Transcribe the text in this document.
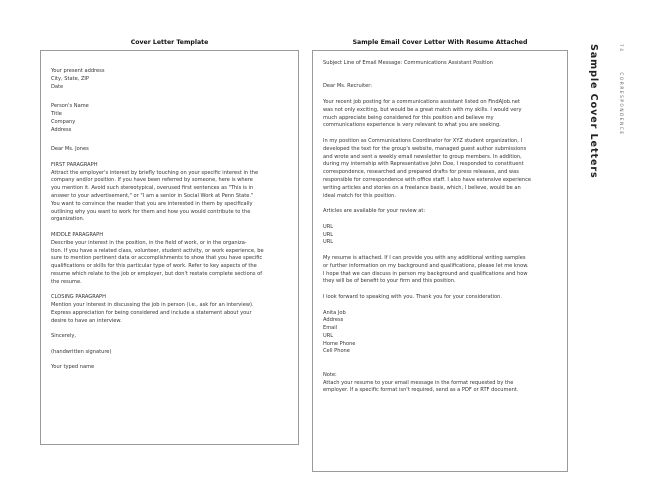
Cover Letter Template
Your present address
City, State, ZIP
Date
Person's Name
Title
Company
Address
Dear Ms. Jones
FIRST PARAGRAPH
Attract the employer's interest by briefly touching on your specific interest in the
company and/or position. If you have been referred by someone, here is where
you mention it. Avoid such stereotypical, overused first sentences as "This is in
answer to your advertisement," or "I am a senior in Social Work at Penn State."
You want to convince the reader that you are interested in them by specifically
outlining why you want to work for them and how you would contribute to the
organization.
MIDDLE PARAGRAPH
Describe your interest in the position, in the field of work, or in the organiza-
tion. If you have a related class, volunteer, student activity, or work experience, be
sure to mention pertinent data or accomplishments to show that you have specific
qualifications or skills for this particular type of work. Refer to key aspects of the
resume which relate to the job or employer, but don't restate complete sections of
the resume.
CLOSING PARAGRAPH
Mention your interest in discussing the job in person (i.e., ask for an interview).
Express appreciation for being considered and include a statement about your
desire to have an interview.
Sincerely,
(handwritten signature)
Your typed name
Sample Email Cover Letter With Resume Attached
Subject Line of Email Message: Communications Assistant Position
Dear Ms. Recruiter:
Your recent job posting for a communications assistant listed on FindAJob.net
was not only exciting, but would be a great match with my skills. I would very
much appreciate being considered for this position and believe my
communications experience is very relevant to what you are seeking.
In my position as Communications Coordinator for XYZ student organization, I
developed the text for the group's website, managed guest author submissions
and wrote and sent a weekly email newsletter to group members. In addition,
during my internship with Representative John Doe, I responded to constituent
correspondence, researched and prepared drafts for press releases, and was
responsible for correspondence with office staff. I also have extensive experience
writing articles and stories on a freelance basis, which, I believe, would be an
ideal match for this position.
Articles are available for your review at:
URL
URL
URL
My resume is attached. If I can provide you with any additional writing samples
or further information on my background and qualifications, please let me know.
I hope that we can discuss in person my background and qualifications and how
they will be of benefit to your firm and this position.
I look forward to speaking with you. Thank you for your consideration.
Anita Job
Address
Email
URL
Home Phone
Cell Phone
Note:
Attach your resume to your email message in the format requested by the
employer. If a specific format isn't required, send as a PDF or RTF document.
Sample Cover Letters	74  CORRESPONDENCE
